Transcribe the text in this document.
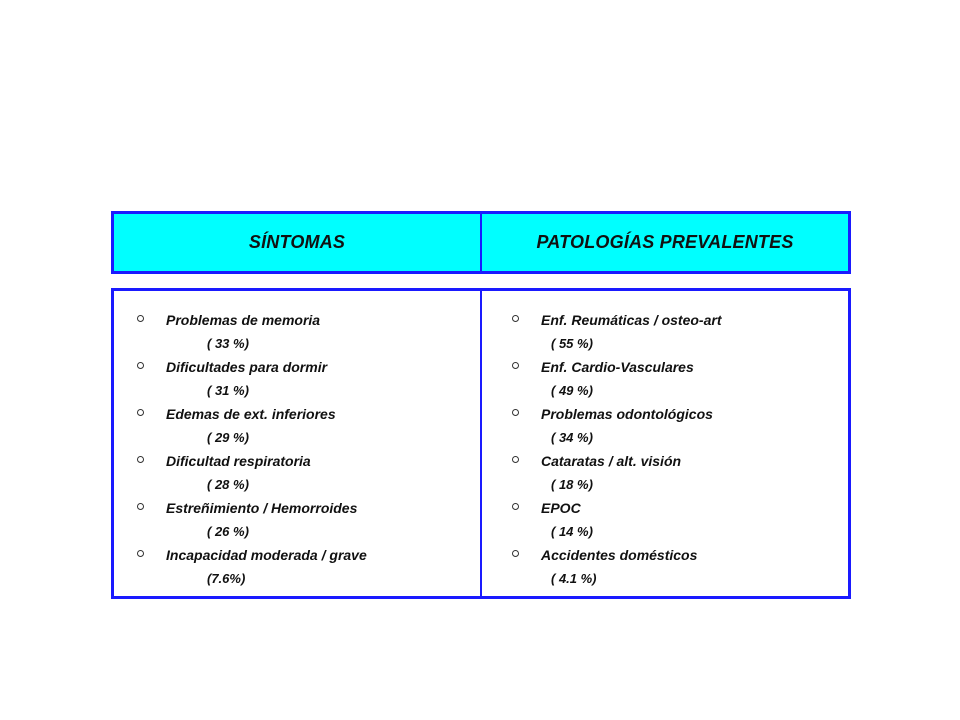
SÍNTOMAS	PATOLOGÍAS PREVALENTES
Problemas de memoria
( 33 %)
Dificultades para dormir
( 31 %)
Edemas de ext. inferiores
( 29 %)
Dificultad respiratoria
( 28 %)
Estreñimiento / Hemorroides
( 26 %)
Incapacidad moderada / grave
(7.6%)
Enf. Reumáticas / osteo-art
( 55 %)
Enf. Cardio-Vasculares
( 49 %)
Problemas odontológicos
( 34 %)
Cataratas / alt. visión
( 18 %)
EPOC
( 14 %)
Accidentes domésticos
( 4.1 %)
